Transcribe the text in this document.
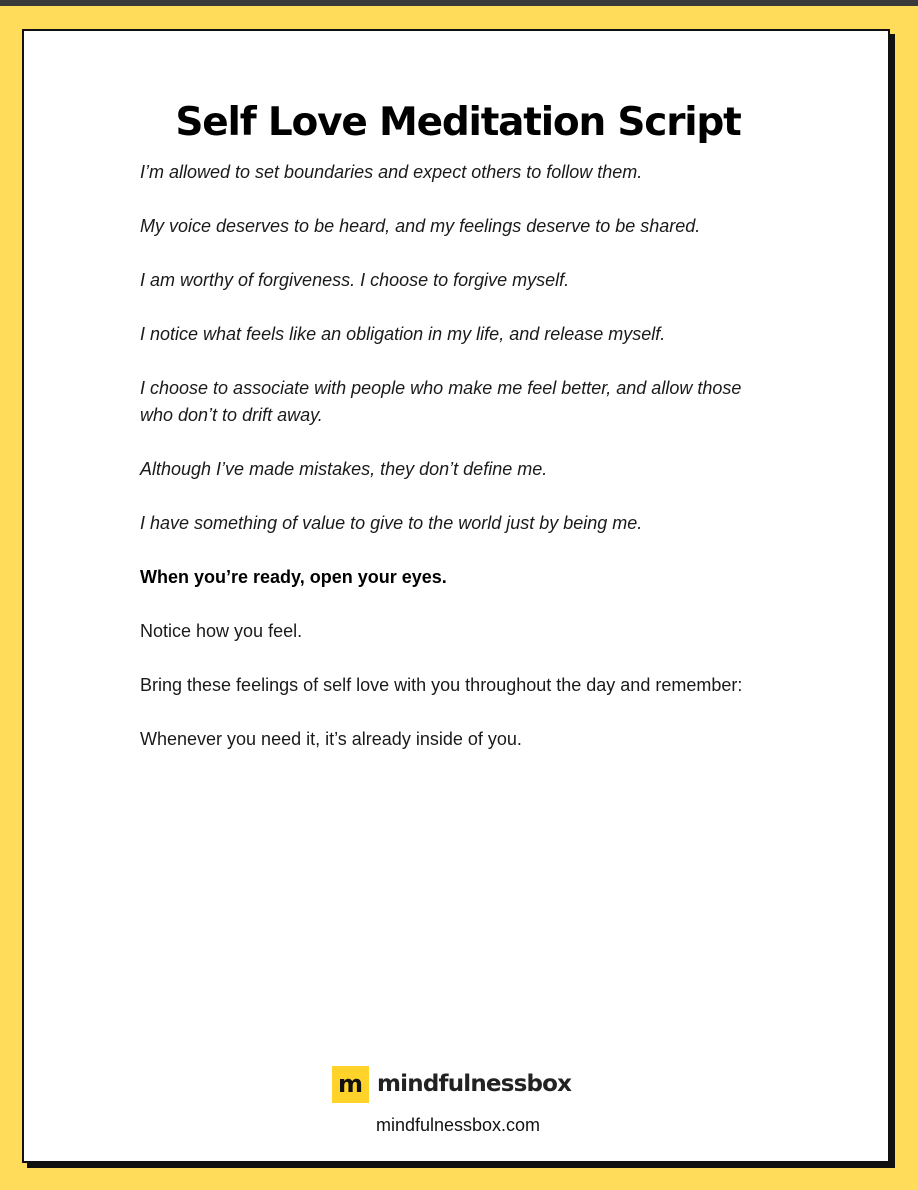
Self Love Meditation Script

I’m allowed to set boundaries and expect others to follow them.

My voice deserves to be heard, and my feelings deserve to be shared.

I am worthy of forgiveness. I choose to forgive myself.

I notice what feels like an obligation in my life, and release myself.

I choose to associate with people who make me feel better, and allow those who don’t to drift away.

Although I’ve made mistakes, they don’t define me.

I have something of value to give to the world just by being me.

When you’re ready, open your eyes.

Notice how you feel.

Bring these feelings of self love with you throughout the day and remember:

Whenever you need it, it’s already inside of you.

m mindfulnessbox
mindfulnessbox.com
